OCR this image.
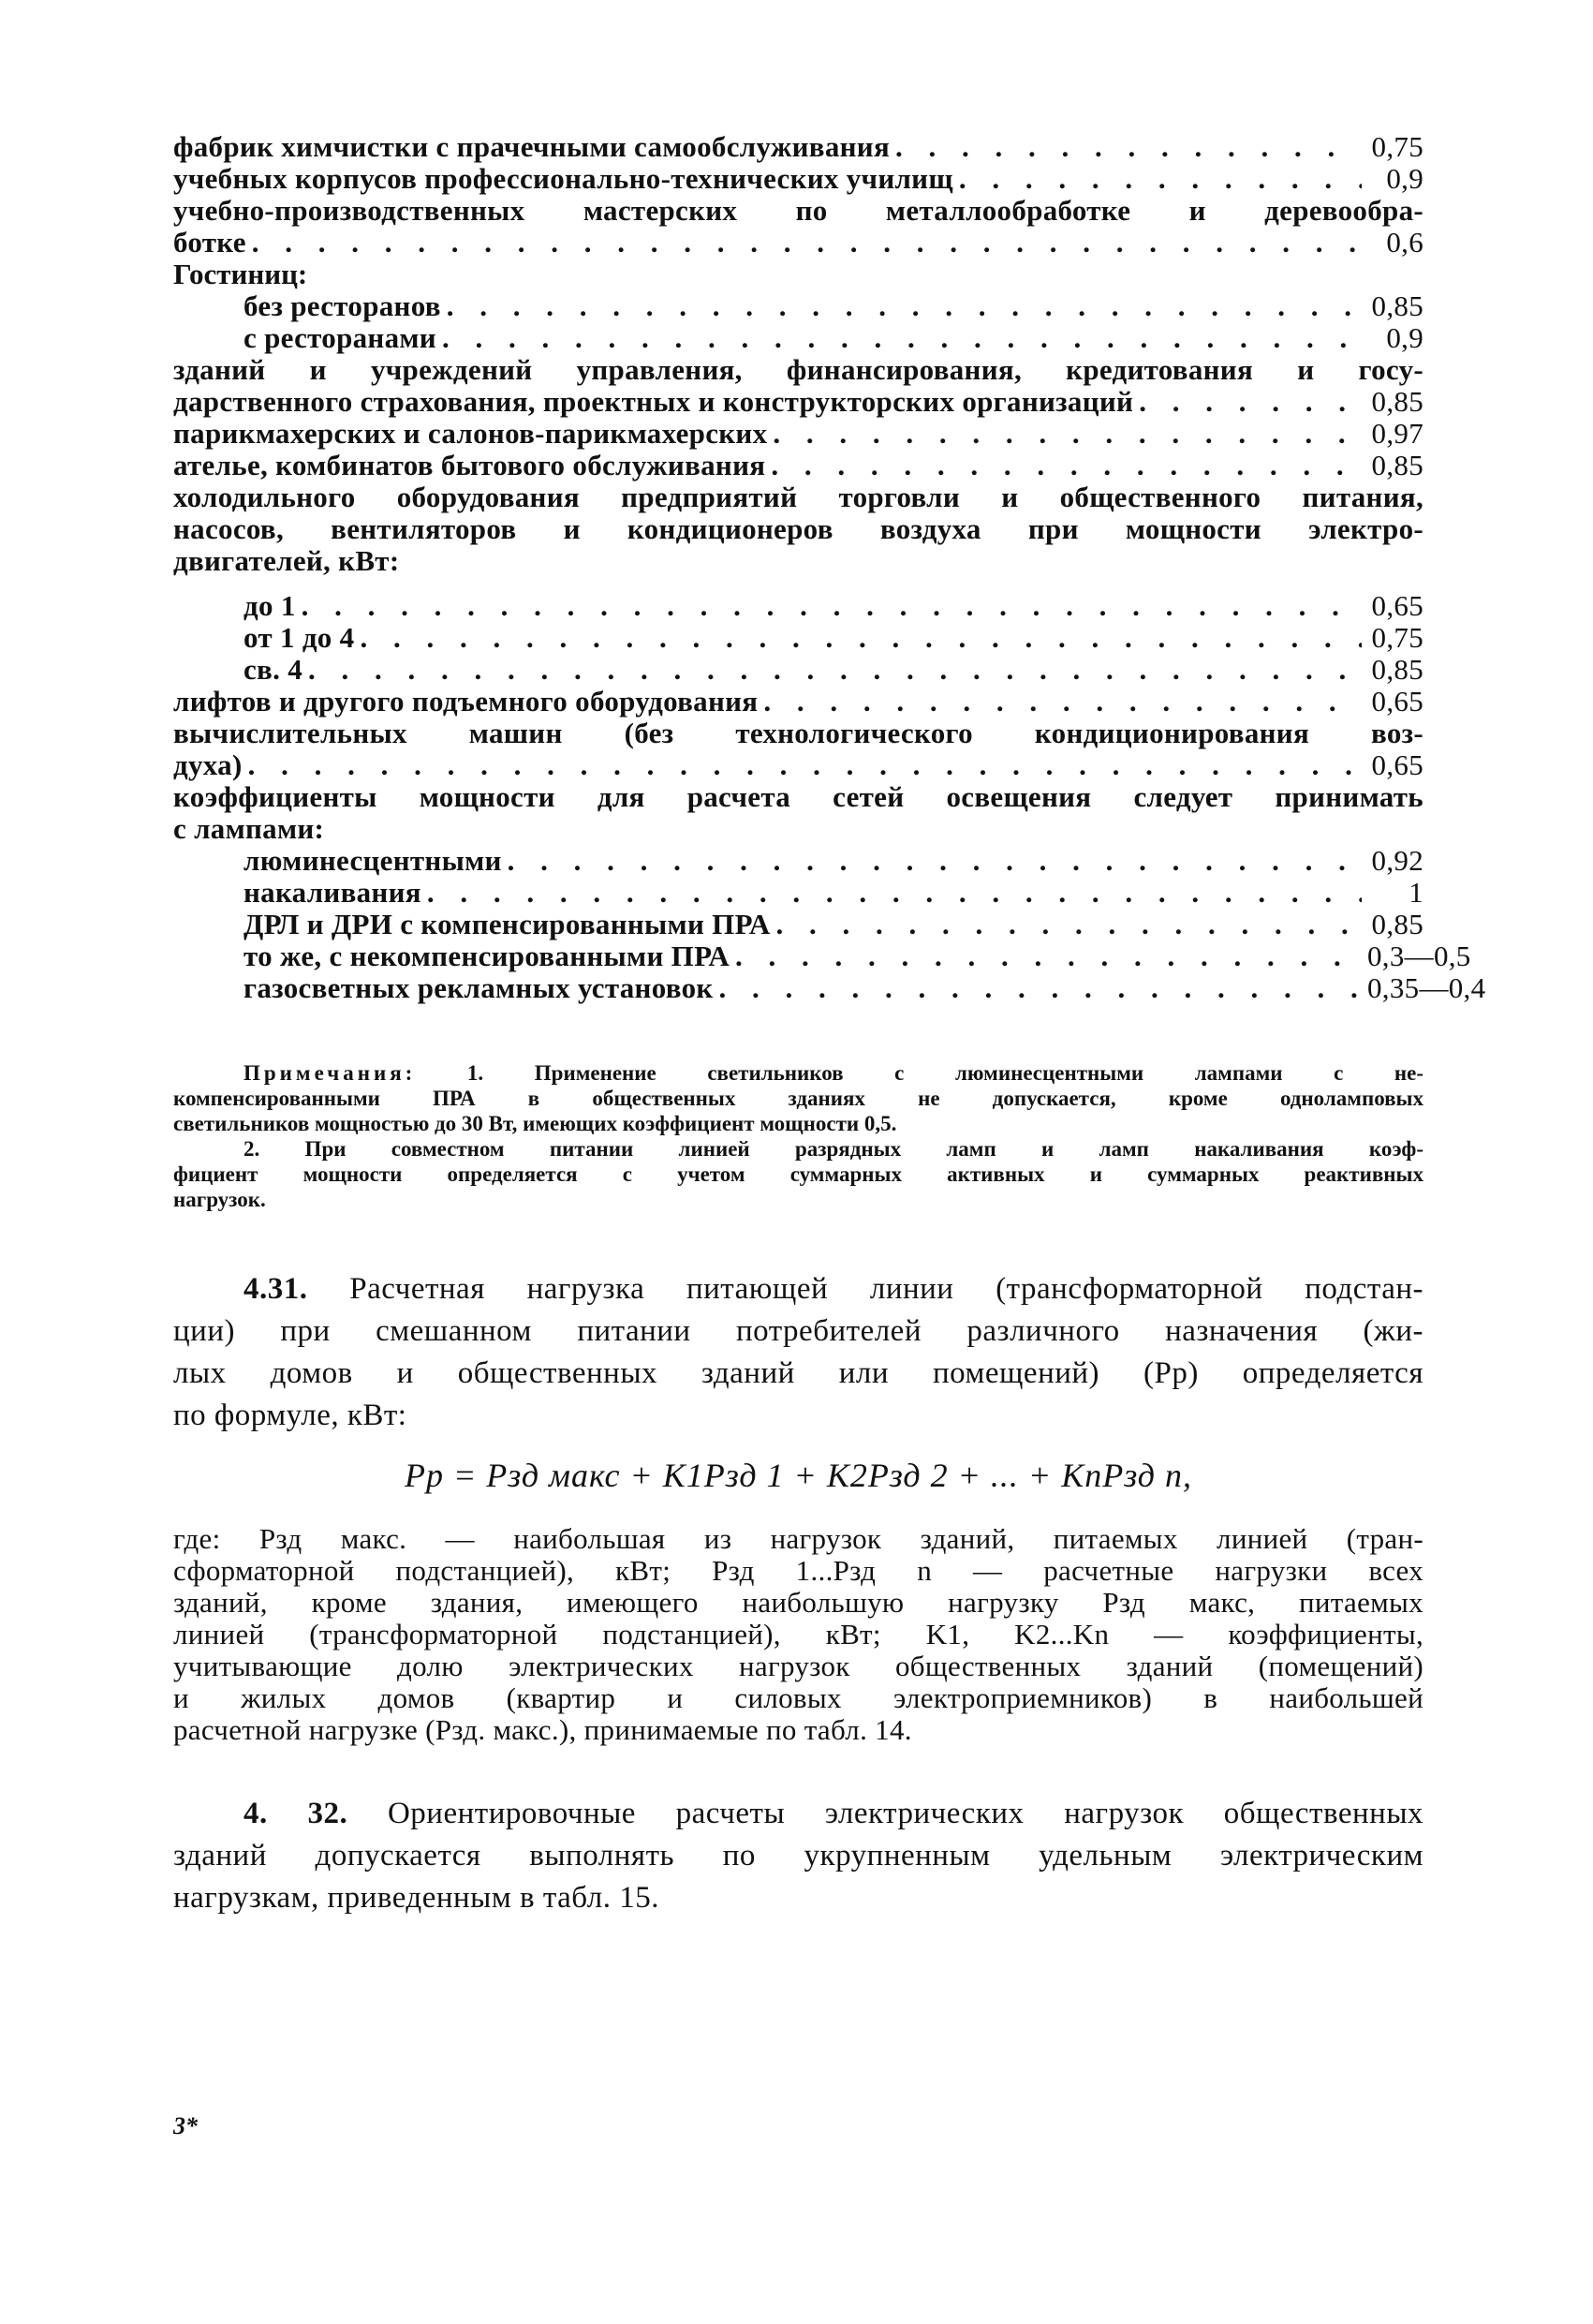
фабрик химчистки с прачечными самообслуживания . . .	0,75
учебных корпусов профессионально-технических училищ . . .	0,9
учебно-производственных мастерских по металлообработке и деревообра-
ботке . . .	0,6
Гостиниц:
без ресторанов . . .	0,85
с ресторанами . . .	0,9
зданий и учреждений управления, финансирования, кредитования и госу-
дарственного страхования, проектных и конструкторских организаций . . .	0,85
парикмахерских и салонов-парикмахерских . . .	0,97
ателье, комбинатов бытового обслуживания . . .	0,85
холодильного оборудования предприятий торговли и общественного питания,
насосов, вентиляторов и кондиционеров воздуха при мощности электро-
двигателей, кВт:
до 1 . . .	0,65
от 1 до 4 . . .	0,75
св. 4 . . .	0,85
лифтов и другого подъемного оборудования . . .	0,65
вычислительных машин (без технологического кондиционирования воз-
духа) . . .	0,65
коэффициенты мощности для расчета сетей освещения следует принимать
с лампами:
люминесцентными . . .	0,92
накаливания . . .	1
ДРЛ и ДРИ с компенсированными ПРА . . .	0,85
то же, с некомпенсированными ПРА . . .	0,3—0,5
газосветных рекламных установок . . .	0,35—0,4
Примечания: 1. Применение светильников с люминесцентными лампами с не-
компенсированными ПРА в общественных зданиях не допускается, кроме одноламповых
светильников мощностью до 30 Вт, имеющих коэффициент мощности 0,5.
2. При совместном питании линией разрядных ламп и ламп накаливания коэф-
фициент мощности определяется с учетом суммарных активных и суммарных реактивных
нагрузок.
4.31. Расчетная нагрузка питающей линии (трансформаторной подстан-
ции) при смешанном питании потребителей различного назначения (жи-
лых домов и общественных зданий или помещений) (Pр) определяется
по формуле, кВт:
Pр = Pзд макс + K1Pзд 1 + K2Pзд 2 + ... + KnPзд n,
где: Pзд макс. — наибольшая из нагрузок зданий, питаемых линией (тран-
сформаторной подстанцией), кВт; Pзд 1...Pзд n — расчетные нагрузки всех
зданий, кроме здания, имеющего наибольшую нагрузку Pзд макс, питаемых
линией (трансформаторной подстанцией), кВт; K1, K2...Kn — коэффициенты,
учитывающие долю электрических нагрузок общественных зданий (помещений)
и жилых домов (квартир и силовых электроприемников) в наибольшей
расчетной нагрузке (Pзд. макс.), принимаемые по табл. 14.
4. 32. Ориентировочные расчеты электрических нагрузок общественных
зданий допускается выполнять по укрупненным удельным электрическим
нагрузкам, приведенным в табл. 15.
3*
